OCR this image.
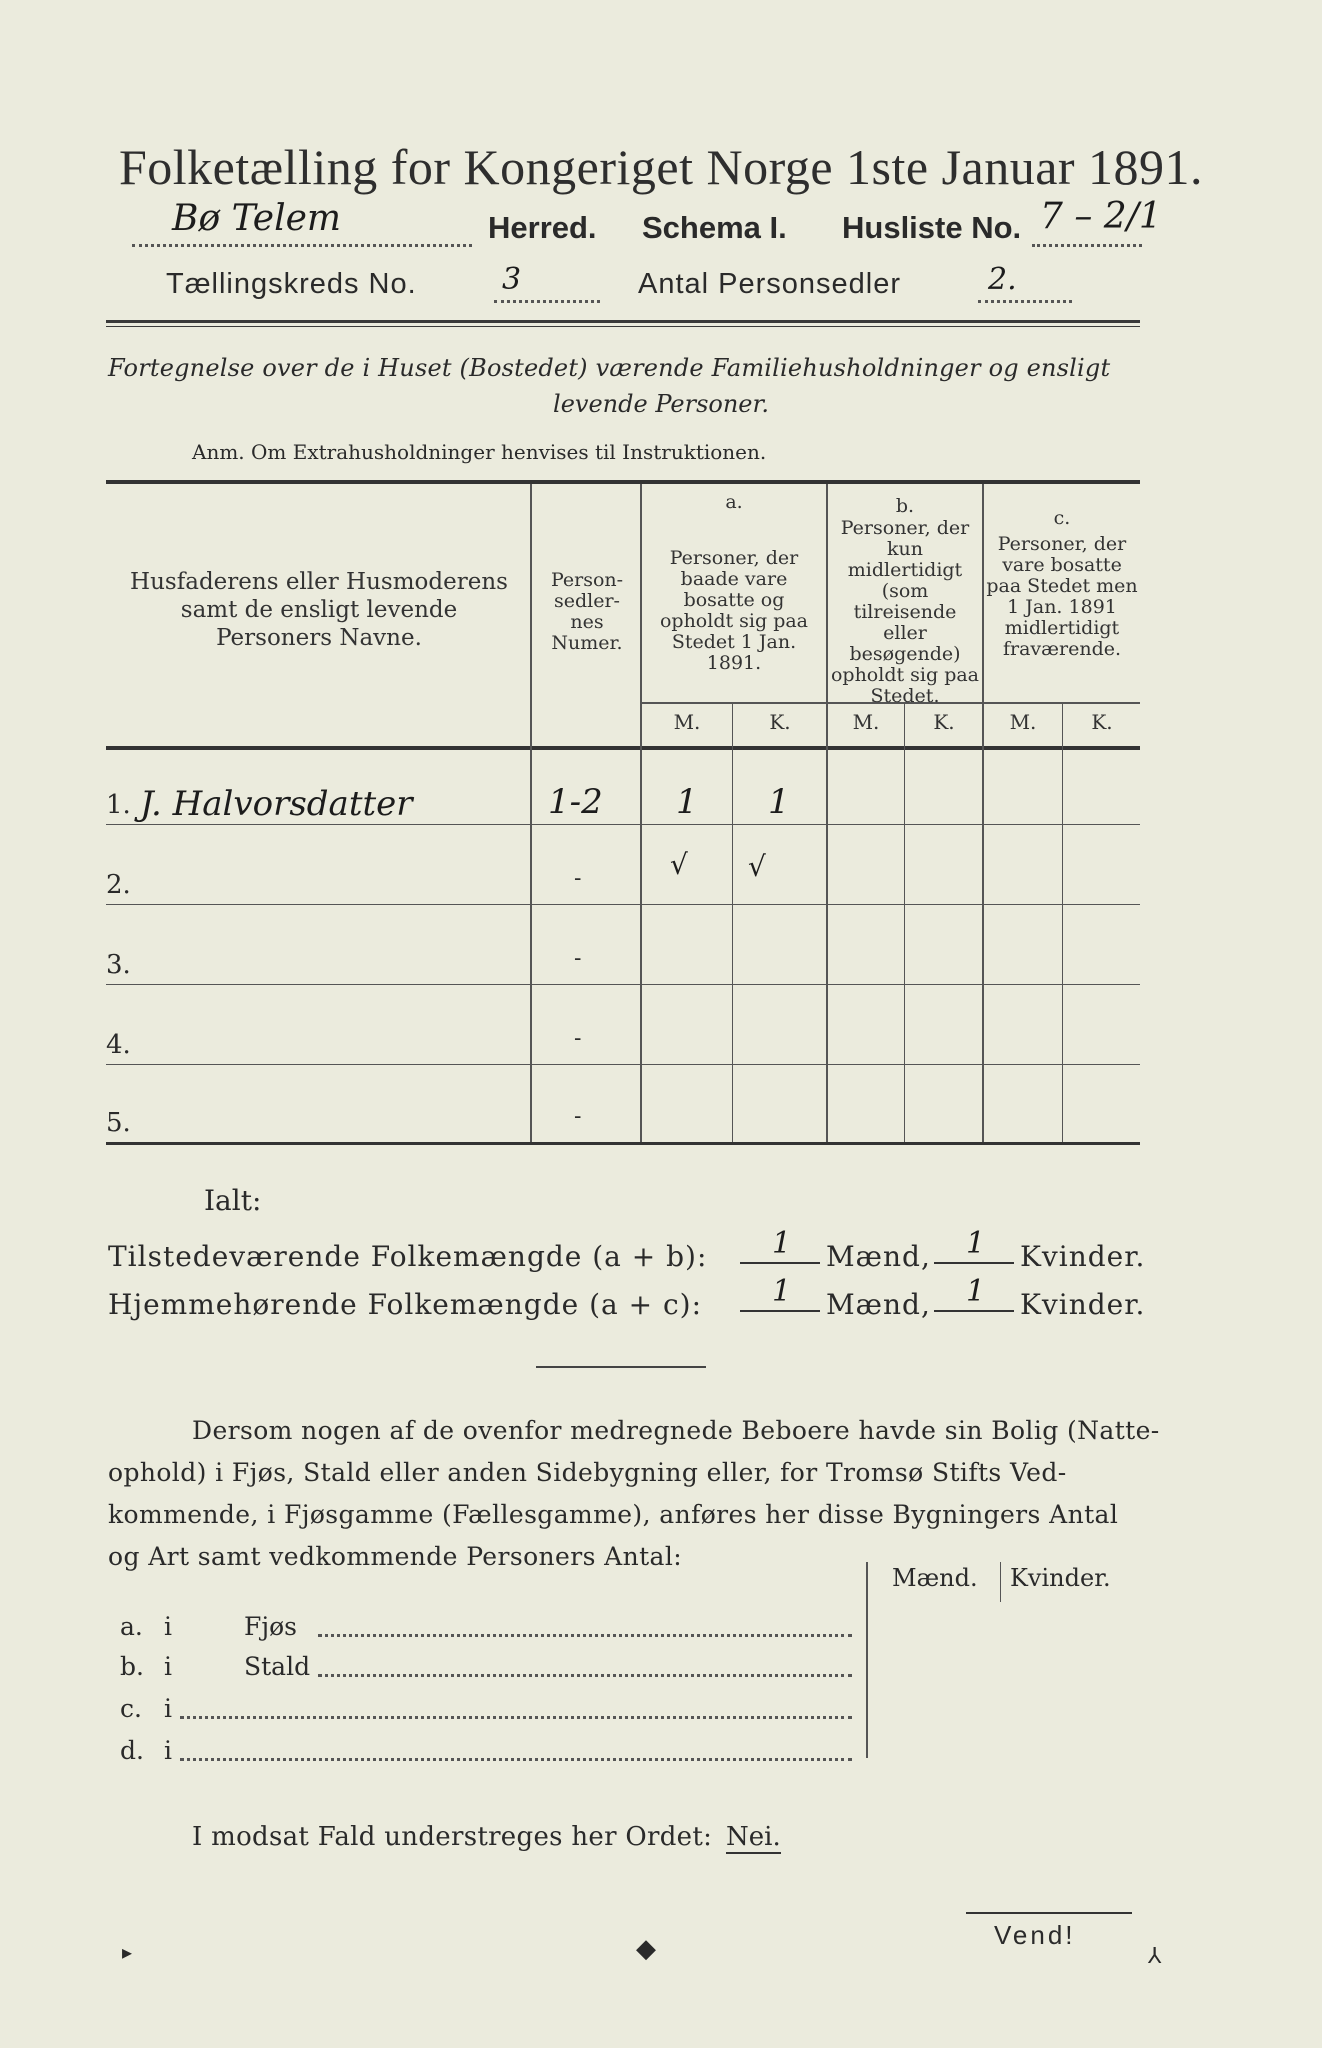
Folketælling for Kongeriget Norge 1ste Januar 1891.
Bø Telem	Herred. Schema I. Husliste No. 7 – 2/1
Tællingskreds No.	3	Antal Personsedler	2.
Fortegnelse over de i Huset (Bostedet) værende Familiehusholdninger og ensligt
levende Personer.
Anm. Om Extrahusholdninger henvises til Instruktionen.
Husfaderens eller Husmoderens samt de ensligt levende Personers Navne.
Person-sedler-nes Numer.
a.
Personer, der baade vare bosatte og opholdt sig paa Stedet 1 Jan. 1891.
b.
Personer, der kun midlertidigt (som tilreisende eller besøgende) opholdt sig paa Stedet.
c.
Personer, der vare bosatte paa Stedet men 1 Jan. 1891 midlertidigt fraværende.
M.	K.	M.	K.	M.	K.
1. J. Halvorsdatter	1-2 1 1
2.	-	√ √
3.	-
4.	-
5.	-
Ialt:
Tilstedeværende Folkemængde (a + b): 1 Mænd, 1 Kvinder.
Hjemmehørende Folkemængde (a + c): 1 Mænd, 1 Kvinder.
Dersom nogen af de ovenfor medregnede Beboere havde sin Bolig (Natte-
ophold) i Fjøs, Stald eller anden Sidebygning eller, for Tromsø Stifts Ved-
kommende, i Fjøsgamme (Fællesgamme), anføres her disse Bygningers Antal
og Art samt vedkommende Personers Antal:
Mænd. Kvinder.
a. i	Fjøs
b. i	Stald
c. i
d. i
I modsat Fald understreges her Ordet: Nei.
Vend!
▸	◆	⅄
